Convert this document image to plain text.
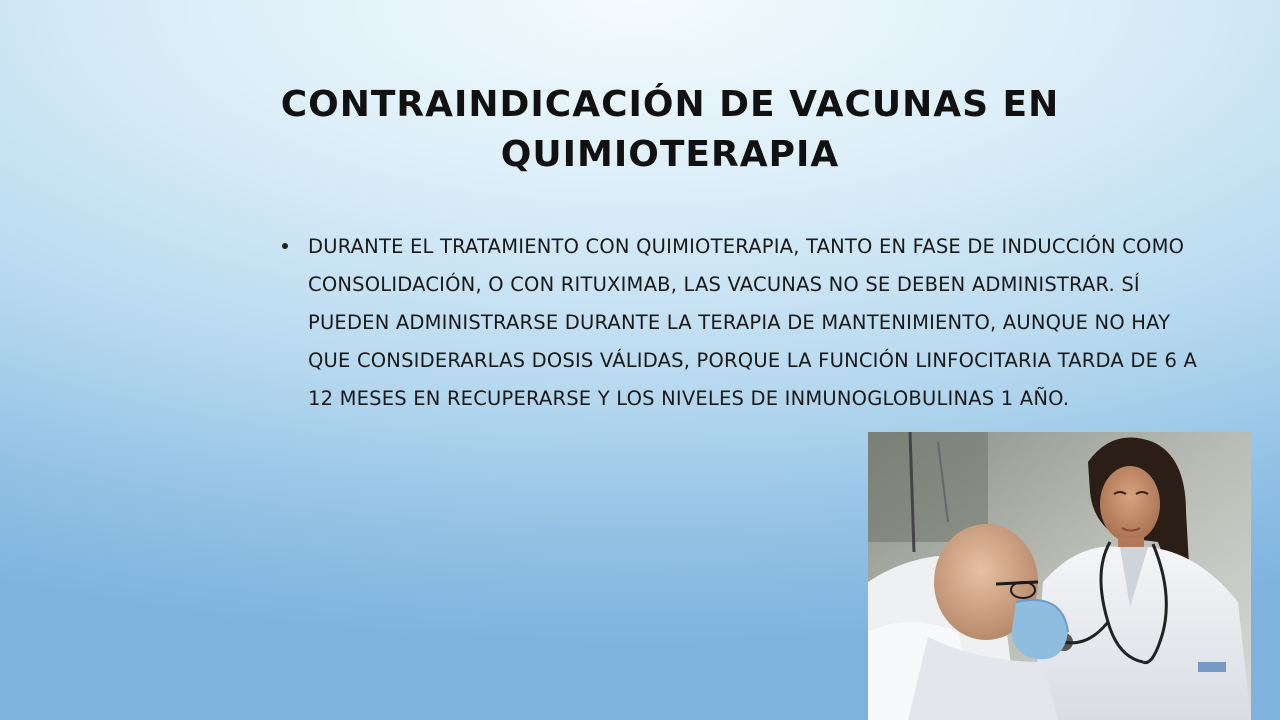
CONTRAINDICACIÓN DE VACUNAS EN QUIMIOTERAPIA
DURANTE EL TRATAMIENTO CON QUIMIOTERAPIA, TANTO EN FASE DE INDUCCIÓN COMO CONSOLIDACIÓN, O CON RITUXIMAB, LAS VACUNAS NO SE DEBEN ADMINISTRAR. SÍ PUEDEN ADMINISTRARSE DURANTE LA TERAPIA DE MANTENIMIENTO, AUNQUE NO HAY QUE CONSIDERARLAS DOSIS VÁLIDAS, PORQUE LA FUNCIÓN LINFOCITARIA TARDA DE 6 A 12 MESES EN RECUPERARSE Y LOS NIVELES DE INMUNOGLOBULINAS 1 AÑO.
